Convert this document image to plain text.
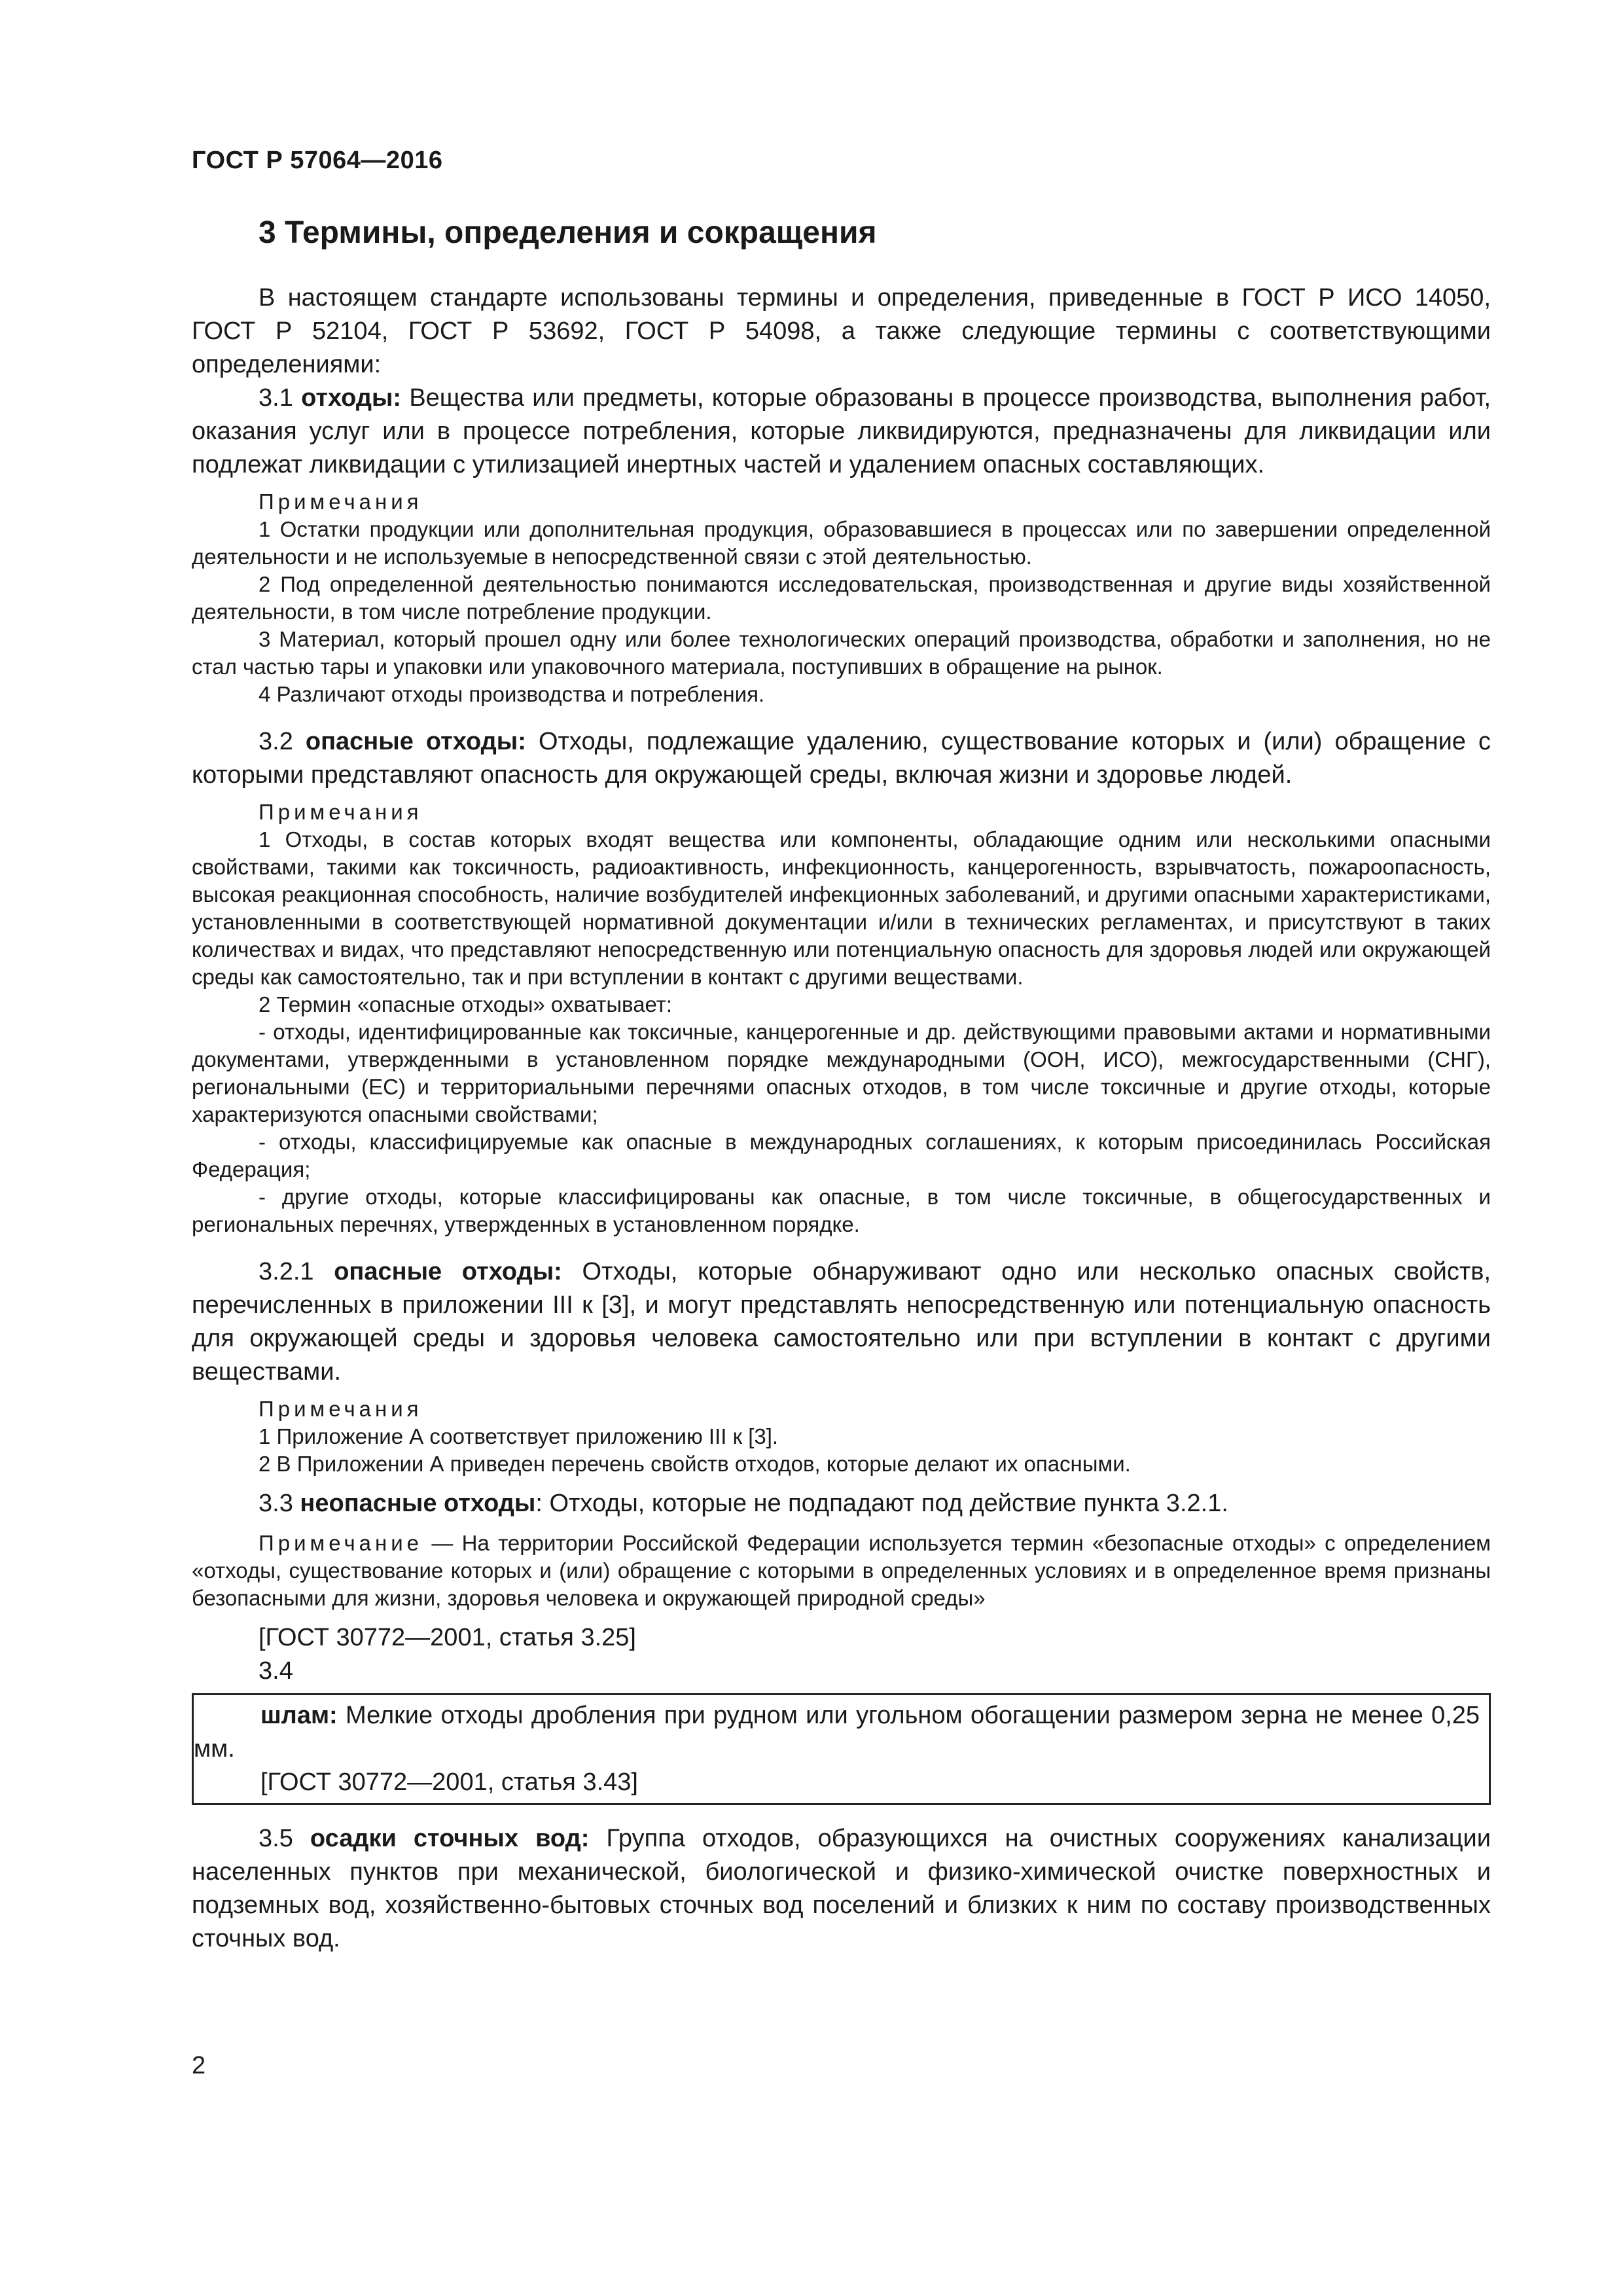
ГОСТ Р 57064—2016
3 Термины, определения и сокращения

В настоящем стандарте использованы термины и определения, приведенные в ГОСТ Р ИСО 14050, ГОСТ Р 52104, ГОСТ Р 53692, ГОСТ Р 54098, а также следующие термины с соответствующими определениями:

3.1 отходы: Вещества или предметы, которые образованы в процессе производства, выполнения работ, оказания услуг или в процессе потребления, которые ликвидируются, предназначены для ликвидации или подлежат ликвидации с утилизацией инертных частей и удалением опасных составляющих.

Примечания

1 Остатки продукции или дополнительная продукция, образовавшиеся в процессах или по завершении определенной деятельности и не используемые в непосредственной связи с этой деятельностью.

2 Под определенной деятельностью понимаются исследовательская, производственная и другие виды хозяйственной деятельности, в том числе потребление продукции.

3 Материал, который прошел одну или более технологических операций производства, обработки и заполнения, но не стал частью тары и упаковки или упаковочного материала, поступивших в обращение на рынок.

4 Различают отходы производства и потребления.

3.2 опасные отходы: Отходы, подлежащие удалению, существование которых и (или) обращение с которыми представляют опасность для окружающей среды, включая жизни и здоровье людей.

Примечания

1 Отходы, в состав которых входят вещества или компоненты, обладающие одним или несколькими опасными свойствами, такими как токсичность, радиоактивность, инфекционность, канцерогенность, взрывчатость, пожароопасность, высокая реакционная способность, наличие возбудителей инфекционных заболеваний, и другими опасными характеристиками, установленными в соответствующей нормативной документации и/или в технических регламентах, и присутствуют в таких количествах и видах, что представляют непосредственную или потенциальную опасность для здоровья людей или окружающей среды как самостоятельно, так и при вступлении в контакт с другими веществами.

2 Термин «опасные отходы» охватывает:

- отходы, идентифицированные как токсичные, канцерогенные и др. действующими правовыми актами и нормативными документами, утвержденными в установленном порядке международными (ООН, ИСО), межгосударственными (СНГ), региональными (ЕС) и территориальными перечнями опасных отходов, в том числе токсичные и другие отходы, которые характеризуются опасными свойствами;

- отходы, классифицируемые как опасные в международных соглашениях, к которым присоединилась Российская Федерация;

- другие отходы, которые классифицированы как опасные, в том числе токсичные, в общегосударственных и региональных перечнях, утвержденных в установленном порядке.

3.2.1 опасные отходы: Отходы, которые обнаруживают одно или несколько опасных свойств, перечисленных в приложении III к [3], и могут представлять непосредственную или потенциальную опасность для окружающей среды и здоровья человека самостоятельно или при вступлении в контакт с другими веществами.

Примечания

1 Приложение А соответствует приложению III к [3].

2 В Приложении А приведен перечень свойств отходов, которые делают их опасными.

3.3 неопасные отходы: Отходы, которые не подпадают под действие пункта 3.2.1.

Примечание — На территории Российской Федерации используется термин «безопасные отходы» с определением «отходы, существование которых и (или) обращение с которыми в определенных условиях и в определенное время признаны безопасными для жизни, здоровья человека и окружающей природной среды»

[ГОСТ 30772—2001, статья 3.25]

3.4

шлам: Мелкие отходы дробления при рудном или угольном обогащении размером зерна не менее 0,25 мм.

[ГОСТ 30772—2001, статья 3.43]

3.5 осадки сточных вод: Группа отходов, образующихся на очистных сооружениях канализации населенных пунктов при механической, биологической и физико-химической очистке поверхностных и подземных вод, хозяйственно-бытовых сточных вод поселений и близких к ним по составу производственных сточных вод.

2
